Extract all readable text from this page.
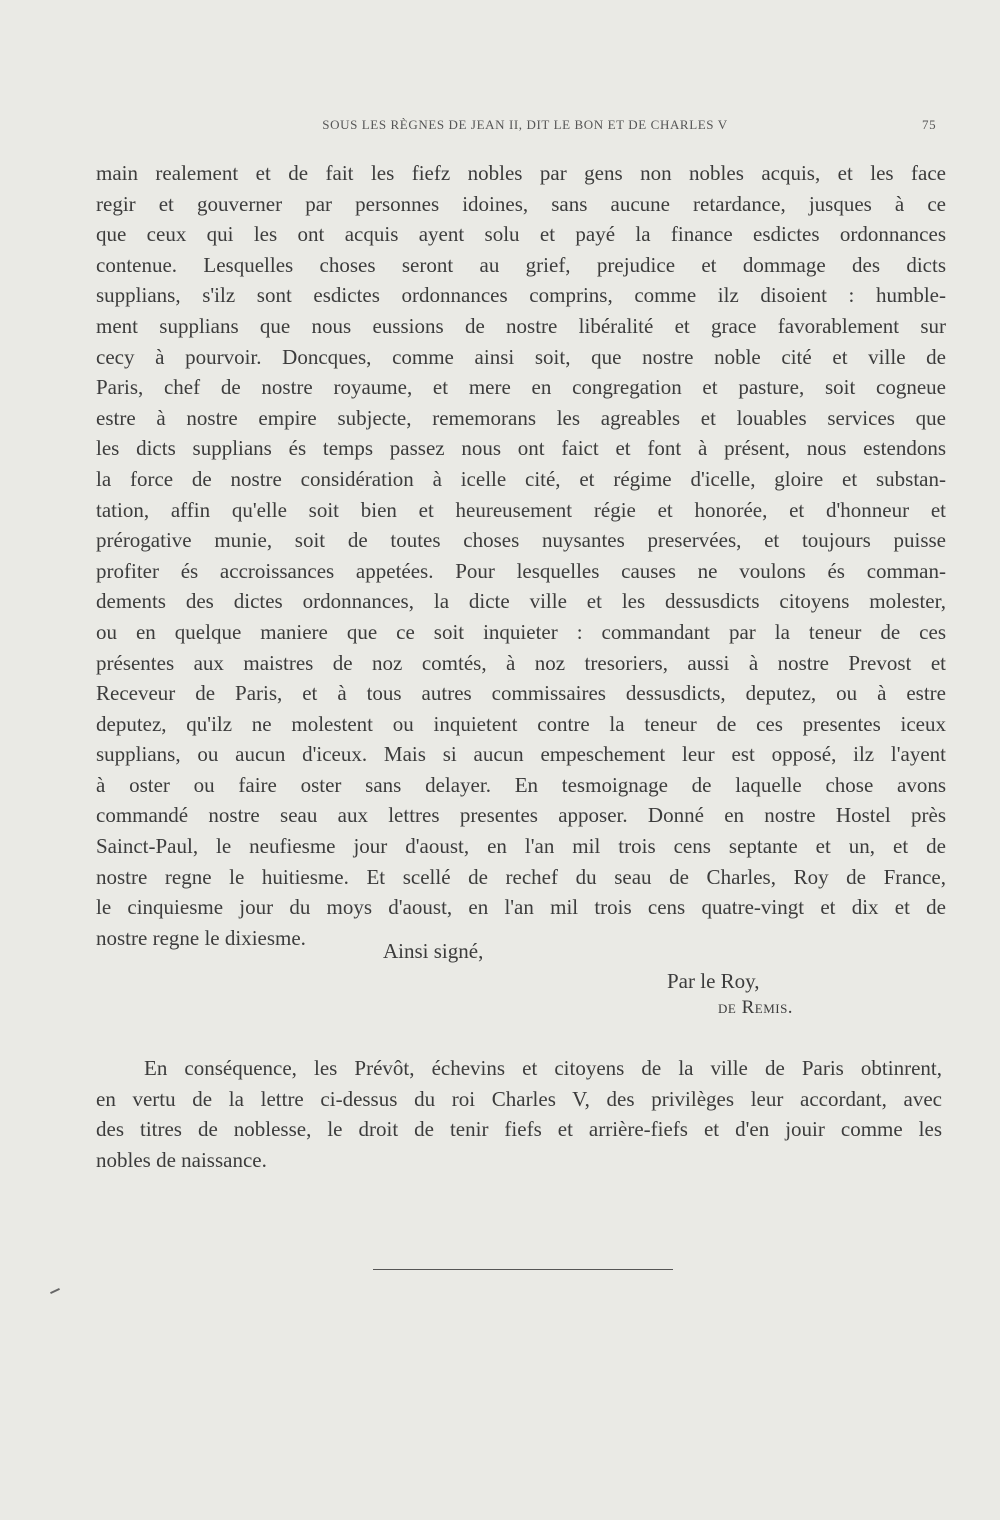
SOUS LES RÈGNES DE JEAN II, DIT LE BON ET DE CHARLES V	75
main realement et de fait les fiefz nobles par gens non nobles acquis, et les face
regir et gouverner par personnes idoines, sans aucune retardance, jusques à ce
que ceux qui les ont acquis ayent solu et payé la finance esdictes ordonnances
contenue. Lesquelles choses seront au grief, prejudice et dommage des dicts
supplians, s'ilz sont esdictes ordonnances comprins, comme ilz disoient : humble-
ment supplians que nous eussions de nostre libéralité et grace favorablement sur
cecy à pourvoir. Doncques, comme ainsi soit, que nostre noble cité et ville de
Paris, chef de nostre royaume, et mere en congregation et pasture, soit cogneue
estre à nostre empire subjecte, rememorans les agreables et louables services que
les dicts supplians és temps passez nous ont faict et font à présent, nous estendons
la force de nostre considération à icelle cité, et régime d'icelle, gloire et substan-
tation, affin qu'elle soit bien et heureusement régie et honorée, et d'honneur et
prérogative munie, soit de toutes choses nuysantes preservées, et toujours puisse
profiter és accroissances appetées. Pour lesquelles causes ne voulons és comman-
dements des dictes ordonnances, la dicte ville et les dessusdicts citoyens molester,
ou en quelque maniere que ce soit inquieter : commandant par la teneur de ces
présentes aux maistres de noz comtés, à noz tresoriers, aussi à nostre Prevost et
Receveur de Paris, et à tous autres commissaires dessusdicts, deputez, ou à estre
deputez, qu'ilz ne molestent ou inquietent contre la teneur de ces presentes iceux
supplians, ou aucun d'iceux. Mais si aucun empeschement leur est opposé, ilz l'ayent
à oster ou faire oster sans delayer. En tesmoignage de laquelle chose avons
commandé nostre seau aux lettres presentes apposer. Donné en nostre Hostel près
Sainct-Paul, le neufiesme jour d'aoust, en l'an mil trois cens septante et un, et de
nostre regne le huitiesme. Et scellé de rechef du seau de Charles, Roy de France,
le cinquiesme jour du moys d'aoust, en l'an mil trois cens quatre-vingt et dix et de
nostre regne le dixiesme.
Ainsi signé,
Par le Roy,
de Remis.
En conséquence, les Prévôt, échevins et citoyens de la ville de Paris obtinrent,
en vertu de la lettre ci-dessus du roi Charles V, des privilèges leur accordant, avec
des titres de noblesse, le droit de tenir fiefs et arrière-fiefs et d'en jouir comme les
nobles de naissance.
